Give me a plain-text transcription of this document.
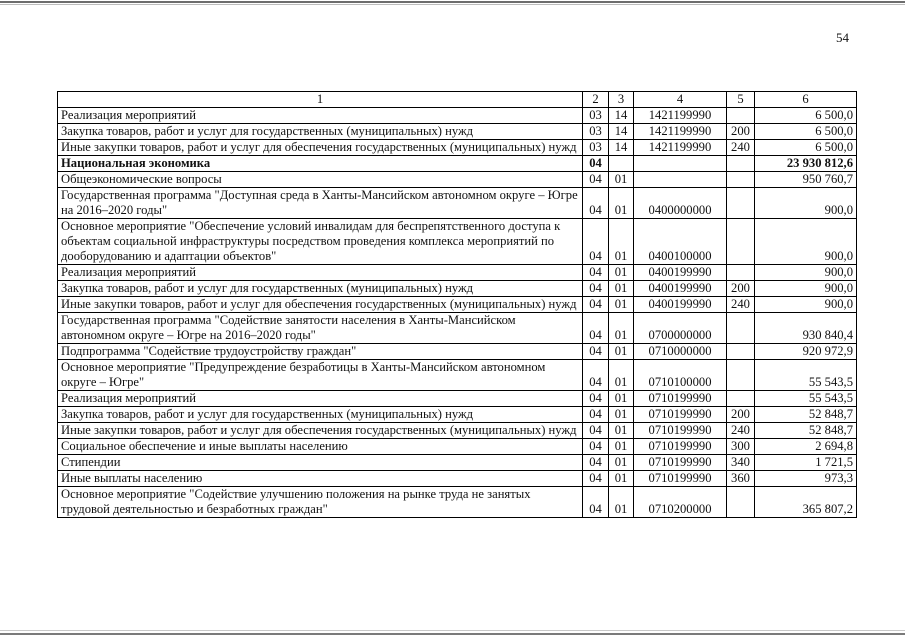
54
1	2	3	4	5	6
Реализация мероприятий	03	14	1421199990		6 500,0
Закупка товаров, работ и услуг для государственных (муниципальных) нужд	03	14	1421199990	200	6 500,0
Иные закупки товаров, работ и услуг для обеспечения государственных (муниципальных) нужд	03	14	1421199990	240	6 500,0
Национальная экономика	04				23 930 812,6
Общеэкономические вопросы	04	01			950 760,7
Государственная программа "Доступная среда в Ханты-Мансийском автономном округе – Югре на 2016–2020 годы"	04	01	0400000000		900,0
Основное мероприятие "Обеспечение условий инвалидам для беспрепятственного доступа к объектам социальной инфраструктуры посредством проведения комплекса мероприятий по дооборудованию и адаптации объектов"	04	01	0400100000		900,0
Реализация мероприятий	04	01	0400199990		900,0
Закупка товаров, работ и услуг для государственных (муниципальных) нужд	04	01	0400199990	200	900,0
Иные закупки товаров, работ и услуг для обеспечения государственных (муниципальных) нужд	04	01	0400199990	240	900,0
Государственная программа "Содействие занятости населения в Ханты-Мансийском автономном округе – Югре на 2016–2020 годы"	04	01	0700000000		930 840,4
Подпрограмма "Содействие трудоустройству граждан"	04	01	0710000000		920 972,9
Основное мероприятие "Предупреждение безработицы в Ханты-Мансийском автономном округе – Югре"	04	01	0710100000		55 543,5
Реализация мероприятий	04	01	0710199990		55 543,5
Закупка товаров, работ и услуг для государственных (муниципальных) нужд	04	01	0710199990	200	52 848,7
Иные закупки товаров, работ и услуг для обеспечения государственных (муниципальных) нужд	04	01	0710199990	240	52 848,7
Социальное обеспечение и иные выплаты населению	04	01	0710199990	300	2 694,8
Стипендии	04	01	0710199990	340	1 721,5
Иные выплаты населению	04	01	0710199990	360	973,3
Основное мероприятие "Содействие улучшению положения на рынке труда не занятых трудовой деятельностью и безработных граждан"	04	01	0710200000		365 807,2
